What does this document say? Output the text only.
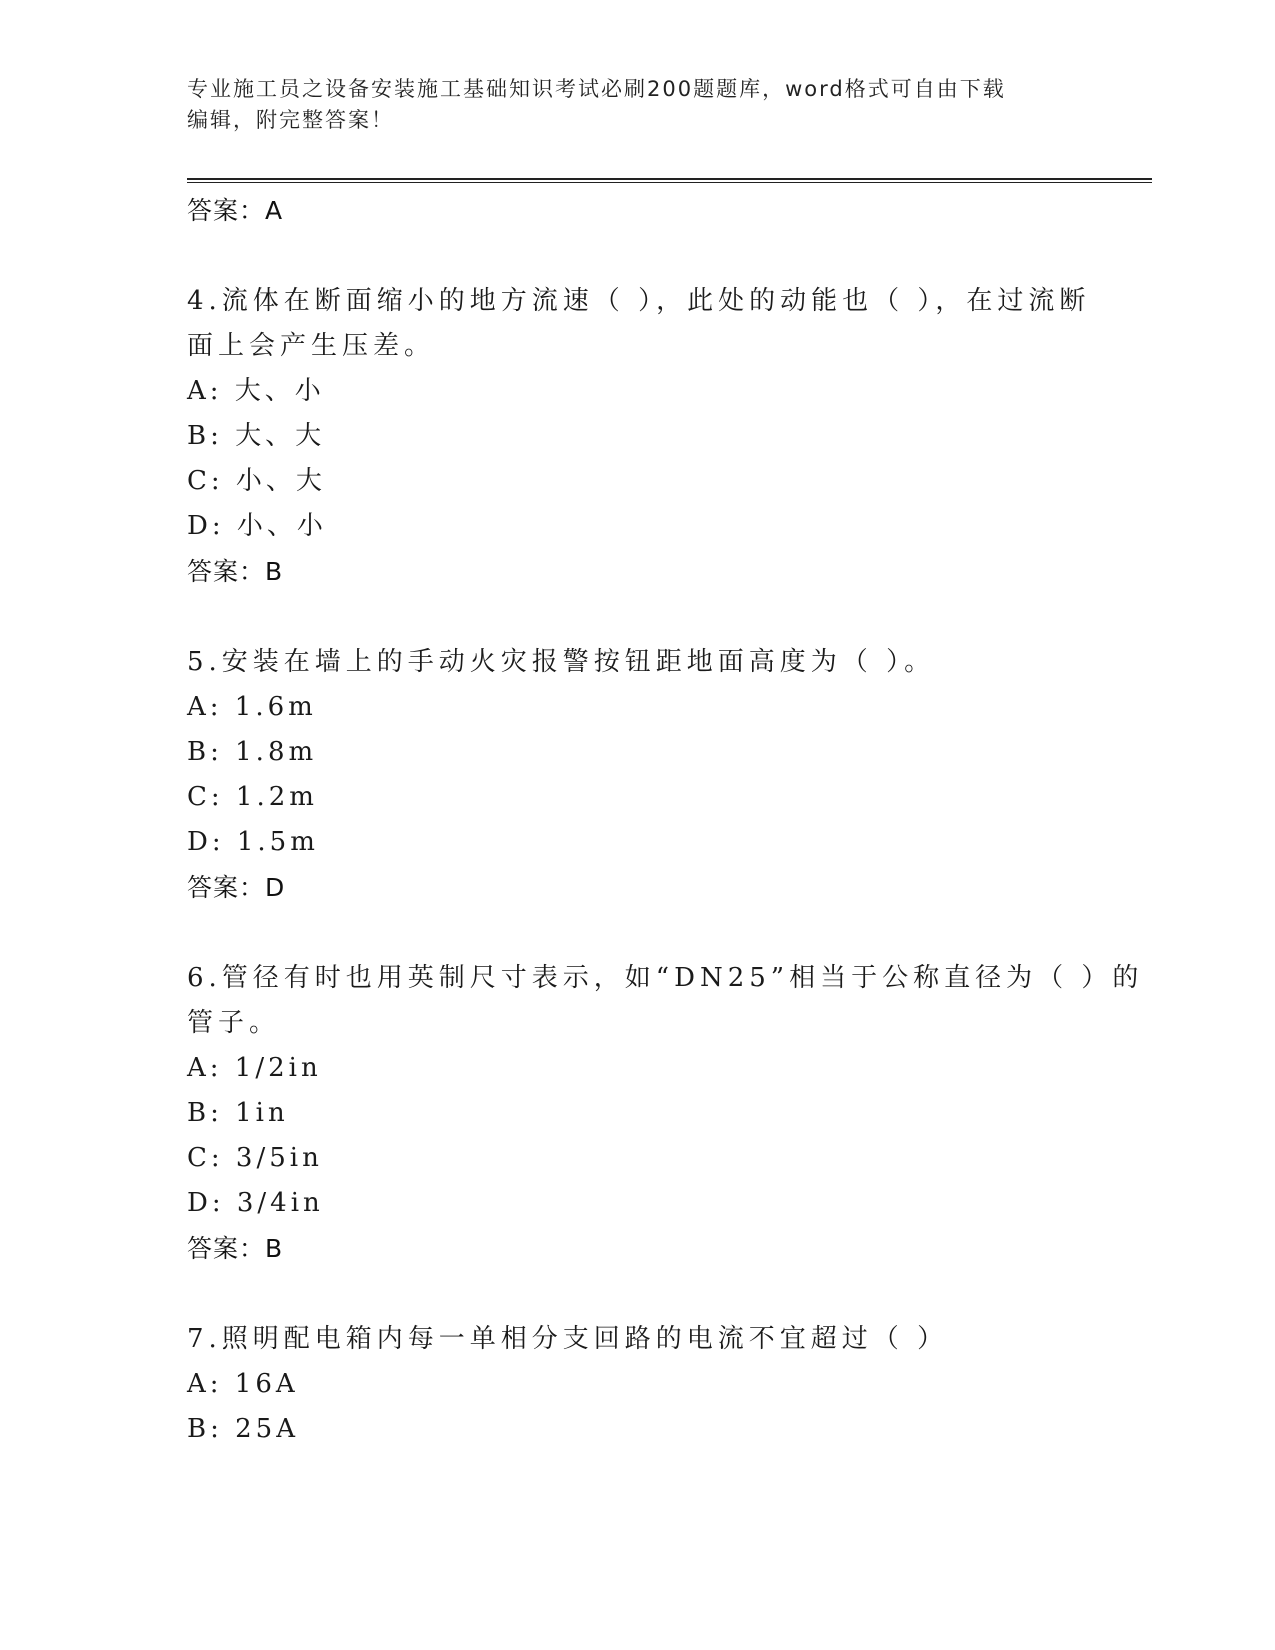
专业施工员之设备安装施工基础知识考试必刷200题题库，word格式可自由下载
编辑，附完整答案！
答案：A
4.流体在断面缩小的地方流速（ ），此处的动能也（ ），在过流断
面上会产生压差。
A: 大、小
B: 大、大
C: 小、大
D: 小、小
答案：B
5.安装在墙上的手动火灾报警按钮距地面高度为（ ）。
A: 1.6m
B: 1.8m
C: 1.2m
D: 1.5m
答案：D
6.管径有时也用英制尺寸表示，如“DN25”相当于公称直径为（ ）的
管子。
A: 1/2in
B: 1in
C: 3/5in
D: 3/4in
答案：B
7.照明配电箱内每一单相分支回路的电流不宜超过（ ）
A: 16A
B: 25A
